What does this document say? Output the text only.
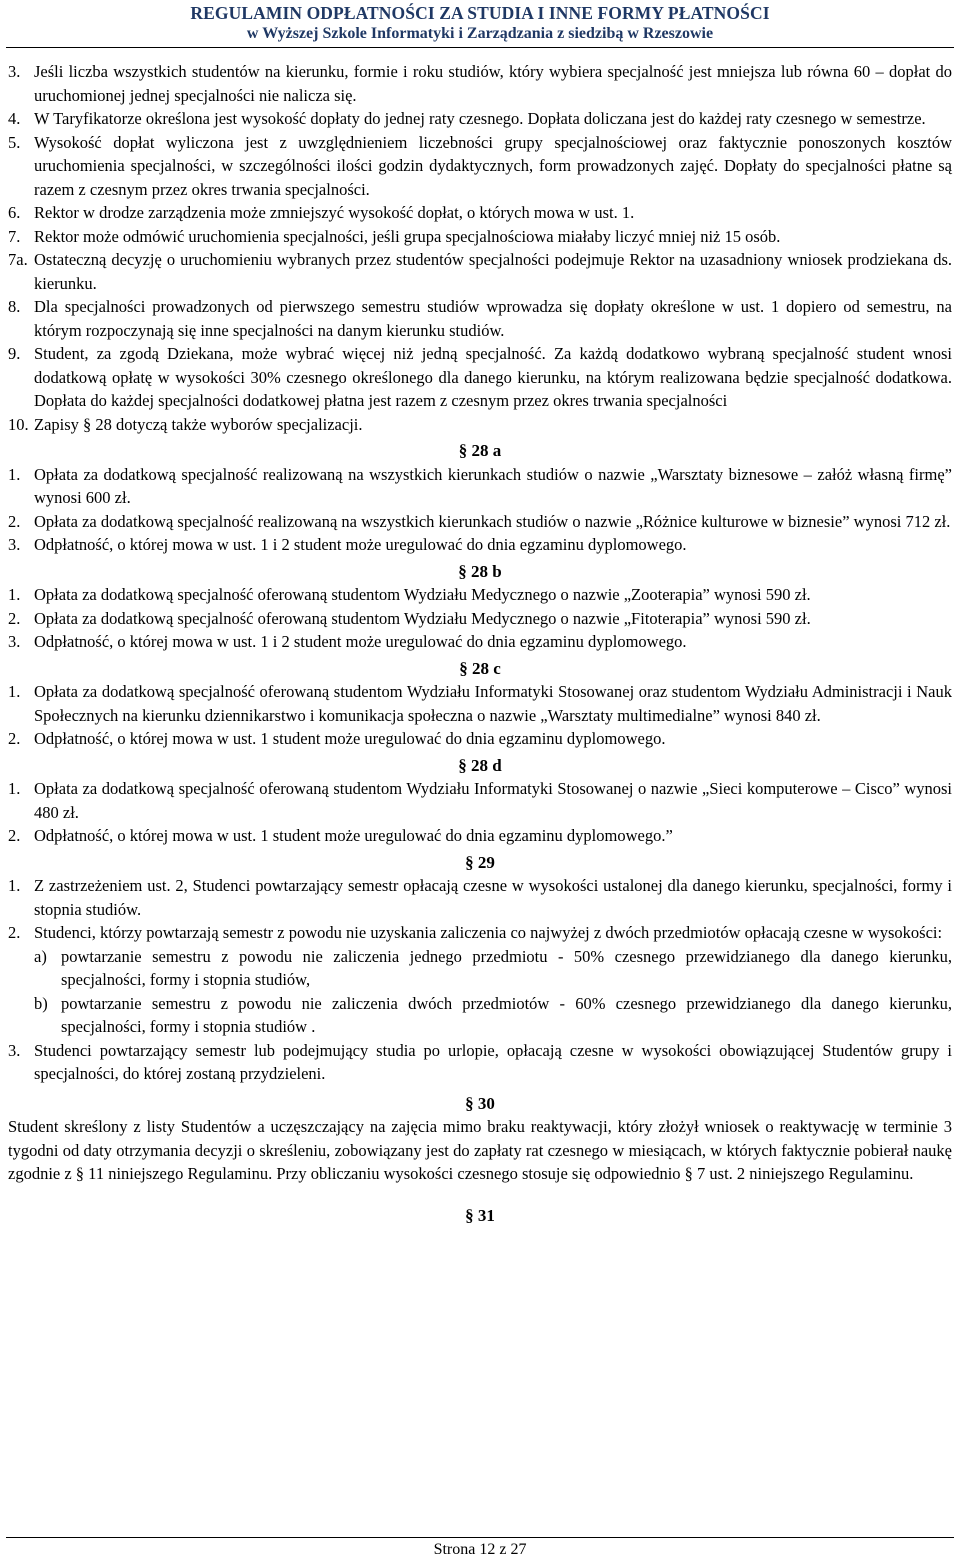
REGULAMIN ODPŁATNOŚCI ZA STUDIA I INNE FORMY PŁATNOŚCI
w Wyższej Szkole Informatyki i Zarządzania z siedzibą w Rzeszowie
3. Jeśli liczba wszystkich studentów na kierunku, formie i roku studiów, który wybiera specjalność jest mniejsza lub równa 60 – dopłat do uruchomionej jednej specjalności nie nalicza się.
4. W Taryfikatorze określona jest wysokość dopłaty do jednej raty czesnego. Dopłata doliczana jest do każdej raty czesnego w semestrze.
5. Wysokość dopłat wyliczona jest z uwzględnieniem liczebności grupy specjalnościowej oraz faktycznie ponoszonych kosztów uruchomienia specjalności, w szczególności ilości godzin dydaktycznych, form prowadzonych zajęć. Dopłaty do specjalności płatne są razem z czesnym przez okres trwania specjalności.
6. Rektor w drodze zarządzenia może zmniejszyć wysokość dopłat, o których mowa w ust. 1.
7. Rektor może odmówić uruchomienia specjalności, jeśli grupa specjalnościowa miałaby liczyć mniej niż 15 osób.
7a. Ostateczną decyzję o uruchomieniu wybranych przez studentów specjalności podejmuje Rektor na uzasadniony wniosek prodziekana ds. kierunku.
8. Dla specjalności prowadzonych od pierwszego semestru studiów wprowadza się dopłaty określone w ust. 1 dopiero od semestru, na którym rozpoczynają się inne specjalności na danym kierunku studiów.
9. Student, za zgodą Dziekana, może wybrać więcej niż jedną specjalność. Za każdą dodatkowo wybraną specjalność student wnosi dodatkową opłatę w wysokości 30% czesnego określonego dla danego kierunku, na którym realizowana będzie specjalność dodatkowa. Dopłata do każdej specjalności dodatkowej płatna jest razem z czesnym przez okres trwania specjalności
10. Zapisy § 28 dotyczą także wyborów specjalizacji.
§ 28 a
1. Opłata za dodatkową specjalność realizowaną na wszystkich kierunkach studiów o nazwie „Warsztaty biznesowe – załóż własną firmę” wynosi 600 zł.
2. Opłata za dodatkową specjalność realizowaną na wszystkich kierunkach studiów o nazwie „Różnice kulturowe w biznesie” wynosi 712 zł.
3. Odpłatność, o której mowa w ust. 1 i 2 student może uregulować do dnia egzaminu dyplomowego.
§ 28 b
1. Opłata za dodatkową specjalność oferowaną studentom Wydziału Medycznego o nazwie „Zooterapia” wynosi 590 zł.
2. Opłata za dodatkową specjalność oferowaną studentom Wydziału Medycznego o nazwie „Fitoterapia” wynosi 590 zł.
3. Odpłatność, o której mowa w ust. 1 i 2 student może uregulować do dnia egzaminu dyplomowego.
§ 28 c
1. Opłata za dodatkową specjalność oferowaną studentom Wydziału Informatyki Stosowanej oraz studentom Wydziału Administracji i Nauk Społecznych na kierunku dziennikarstwo i komunikacja społeczna o nazwie „Warsztaty multimedialne” wynosi 840 zł.
2. Odpłatność, o której mowa w ust. 1 student może uregulować do dnia egzaminu dyplomowego.
§ 28 d
1. Opłata za dodatkową specjalność oferowaną studentom Wydziału Informatyki Stosowanej o nazwie „Sieci komputerowe – Cisco” wynosi 480 zł.
2. Odpłatność, o której mowa w ust. 1 student może uregulować do dnia egzaminu dyplomowego.”
§ 29
1. Z zastrzeżeniem ust. 2, Studenci powtarzający semestr opłacają czesne w wysokości ustalonej dla danego kierunku, specjalności, formy i stopnia studiów.
2. Studenci, którzy powtarzają semestr z powodu nie uzyskania zaliczenia co najwyżej z dwóch przedmiotów opłacają czesne w wysokości:
a) powtarzanie semestru z powodu nie zaliczenia jednego przedmiotu - 50% czesnego przewidzianego dla danego kierunku, specjalności, formy i stopnia studiów,
b) powtarzanie semestru z powodu nie zaliczenia dwóch przedmiotów - 60% czesnego przewidzianego dla danego kierunku, specjalności, formy i stopnia studiów .
3. Studenci powtarzający semestr lub podejmujący studia po urlopie, opłacają czesne w wysokości obowiązującej Studentów grupy i specjalności, do której zostaną przydzieleni.
§ 30

Student skreślony z listy Studentów a uczęszczający na zajęcia mimo braku reaktywacji, który złożył wniosek o reaktywację w terminie 3 tygodni od daty otrzymania decyzji o skreśleniu, zobowiązany jest do zapłaty rat czesnego w miesiącach, w których faktycznie pobierał naukę zgodnie z § 11 niniejszego Regulaminu. Przy obliczaniu wysokości czesnego stosuje się odpowiednio § 7 ust. 2 niniejszego Regulaminu.

§ 31
Strona 12 z 27
